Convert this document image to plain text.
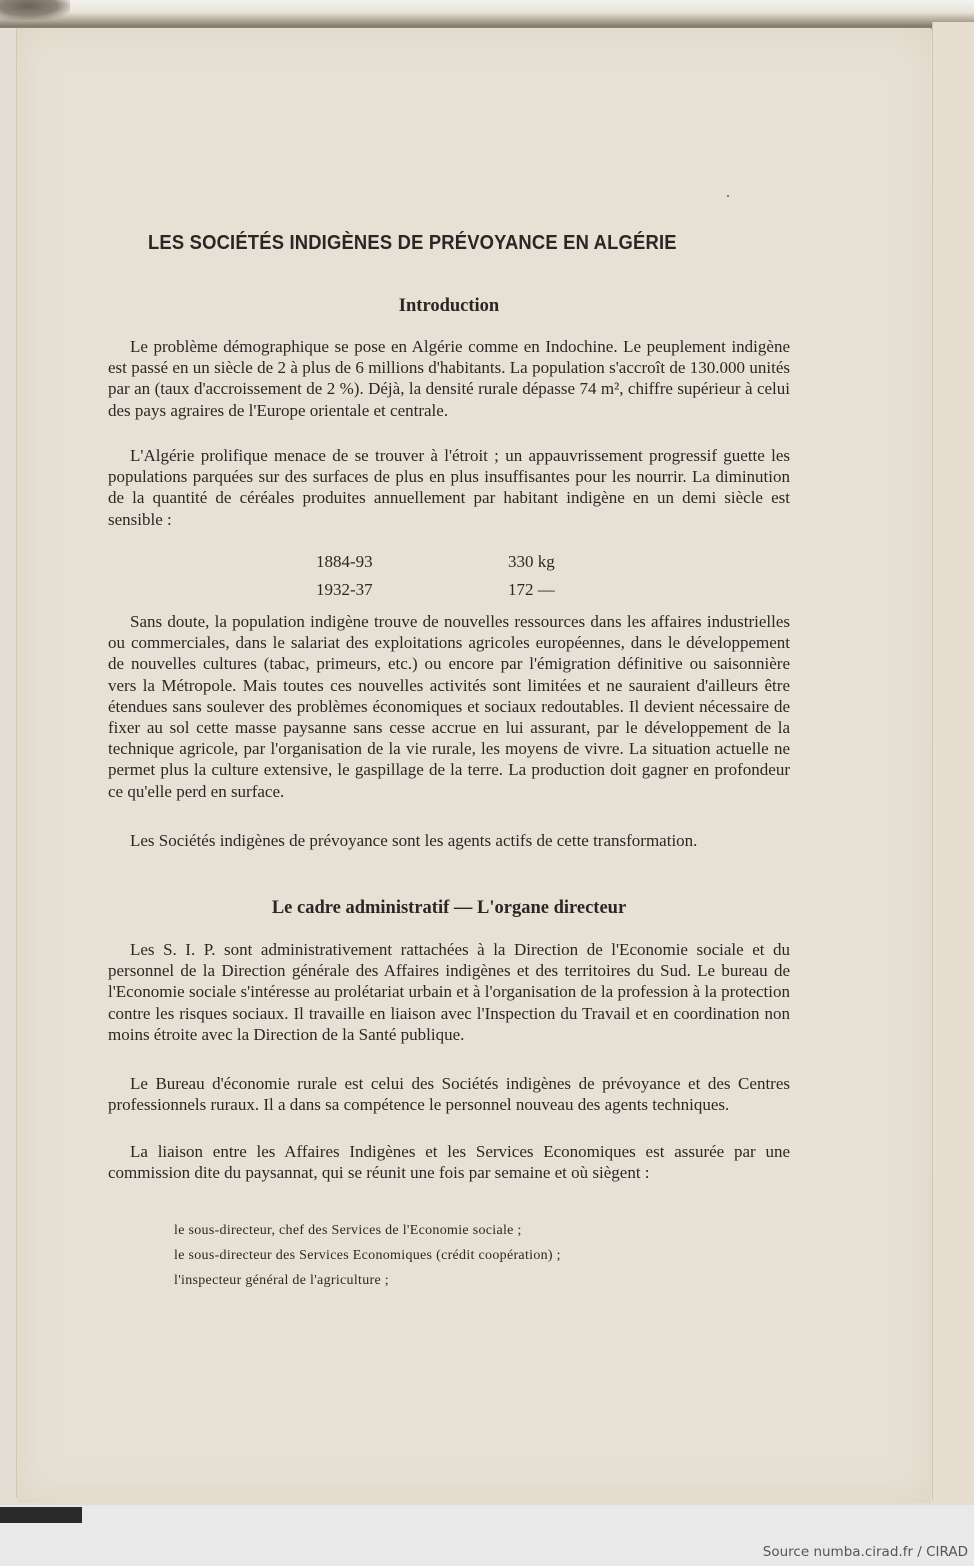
LES SOCIÉTÉS INDIGÈNES DE PRÉVOYANCE EN ALGÉRIE
Introduction
Le problème démographique se pose en Algérie comme en Indochine. Le peuplement indigène est passé en un siècle de 2 à plus de 6 millions d'habitants. La population s'accroît de 130.000 unités par an (taux d'accroissement de 2 %). Déjà, la densité rurale dépasse 74 m², chiffre supérieur à celui des pays agraires de l'Europe orientale et centrale.
L'Algérie prolifique menace de se trouver à l'étroit ; un appauvrissement progressif guette les populations parquées sur des surfaces de plus en plus insuffisantes pour les nourrir. La diminution de la quantité de céréales produites annuellement par habitant indigène en un demi siècle est sensible :
1884-93	330 kg
1932-37	172 —
Sans doute, la population indigène trouve de nouvelles ressources dans les affaires industrielles ou commerciales, dans le salariat des exploitations agricoles européennes, dans le développement de nouvelles cultures (tabac, primeurs, etc.) ou encore par l'émigration définitive ou saisonnière vers la Métropole. Mais toutes ces nouvelles activités sont limitées et ne sauraient d'ailleurs être étendues sans soulever des problèmes économiques et sociaux redoutables. Il devient nécessaire de fixer au sol cette masse paysanne sans cesse accrue en lui assurant, par le développement de la technique agricole, par l'organisation de la vie rurale, les moyens de vivre. La situation actuelle ne permet plus la culture extensive, le gaspillage de la terre. La production doit gagner en profondeur ce qu'elle perd en surface.
Les Sociétés indigènes de prévoyance sont les agents actifs de cette transformation.
Le cadre administratif — L'organe directeur
Les S. I. P. sont administrativement rattachées à la Direction de l'Economie sociale et du personnel de la Direction générale des Affaires indigènes et des territoires du Sud. Le bureau de l'Economie sociale s'intéresse au prolétariat urbain et à l'organisation de la profession à la protection contre les risques sociaux. Il travaille en liaison avec l'Inspection du Travail et en coordination non moins étroite avec la Direction de la Santé publique.
Le Bureau d'économie rurale est celui des Sociétés indigènes de prévoyance et des Centres professionnels ruraux. Il a dans sa compétence le personnel nouveau des agents techniques.
La liaison entre les Affaires Indigènes et les Services Economiques est assurée par une commission dite du paysannat, qui se réunit une fois par semaine et où siègent :
le sous-directeur, chef des Services de l'Economie sociale ;
le sous-directeur des Services Economiques (crédit coopération) ;
l'inspecteur général de l'agriculture ;
Source numba.cirad.fr / CIRAD
